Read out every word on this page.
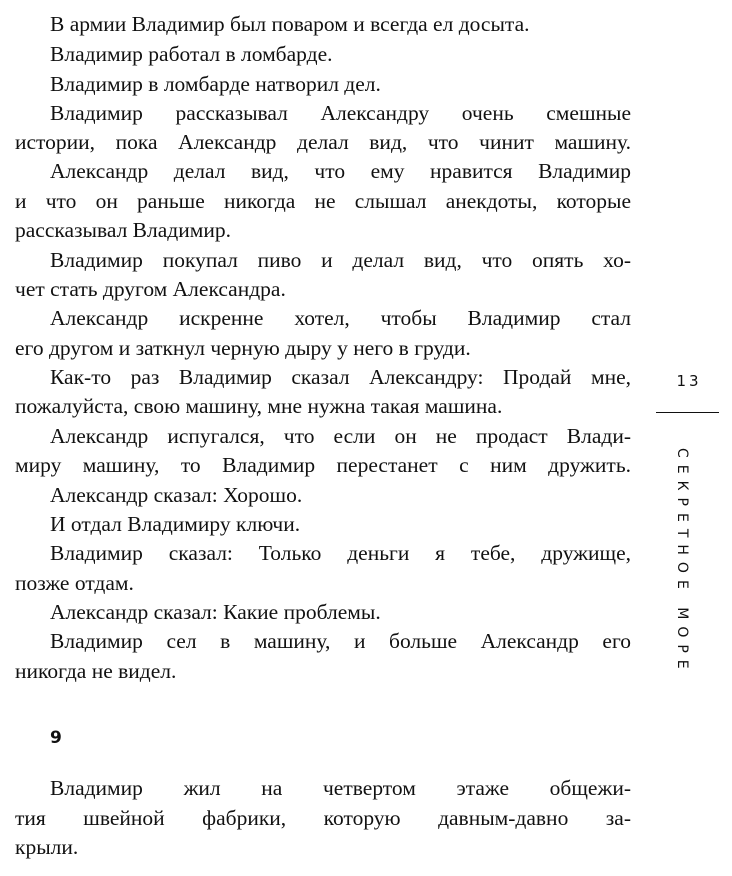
В армии Владимир был поваром и всегда ел досыта.
Владимир работал в ломбарде.
Владимир в ломбарде натворил дел.
Владимир рассказывал Александру очень смешные
истории, пока Александр делал вид, что чинит машину.
Александр делал вид, что ему нравится Владимир
и что он раньше никогда не слышал анекдоты, которые
рассказывал Владимир.
Владимир покупал пиво и делал вид, что опять хо-
чет стать другом Александра.
Александр искренне хотел, чтобы Владимир стал
его другом и заткнул черную дыру у него в груди.
Как-то раз Владимир сказал Александру: Продай мне,
пожалуйста, свою машину, мне нужна такая машина.
Александр испугался, что если он не продаст Влади-
миру машину, то Владимир перестанет с ним дружить.
Александр сказал: Хорошо.
И отдал Владимиру ключи.
Владимир сказал: Только деньги я тебе, дружище,
позже отдам.
Александр сказал: Какие проблемы.
Владимир сел в машину, и больше Александр его
никогда не видел.
9
Владимир жил на четвертом этаже общежи-
тия швейной фабрики, которую давным-давно за-
крыли.
13
СЕКРЕТНОЕ МОРЕ
